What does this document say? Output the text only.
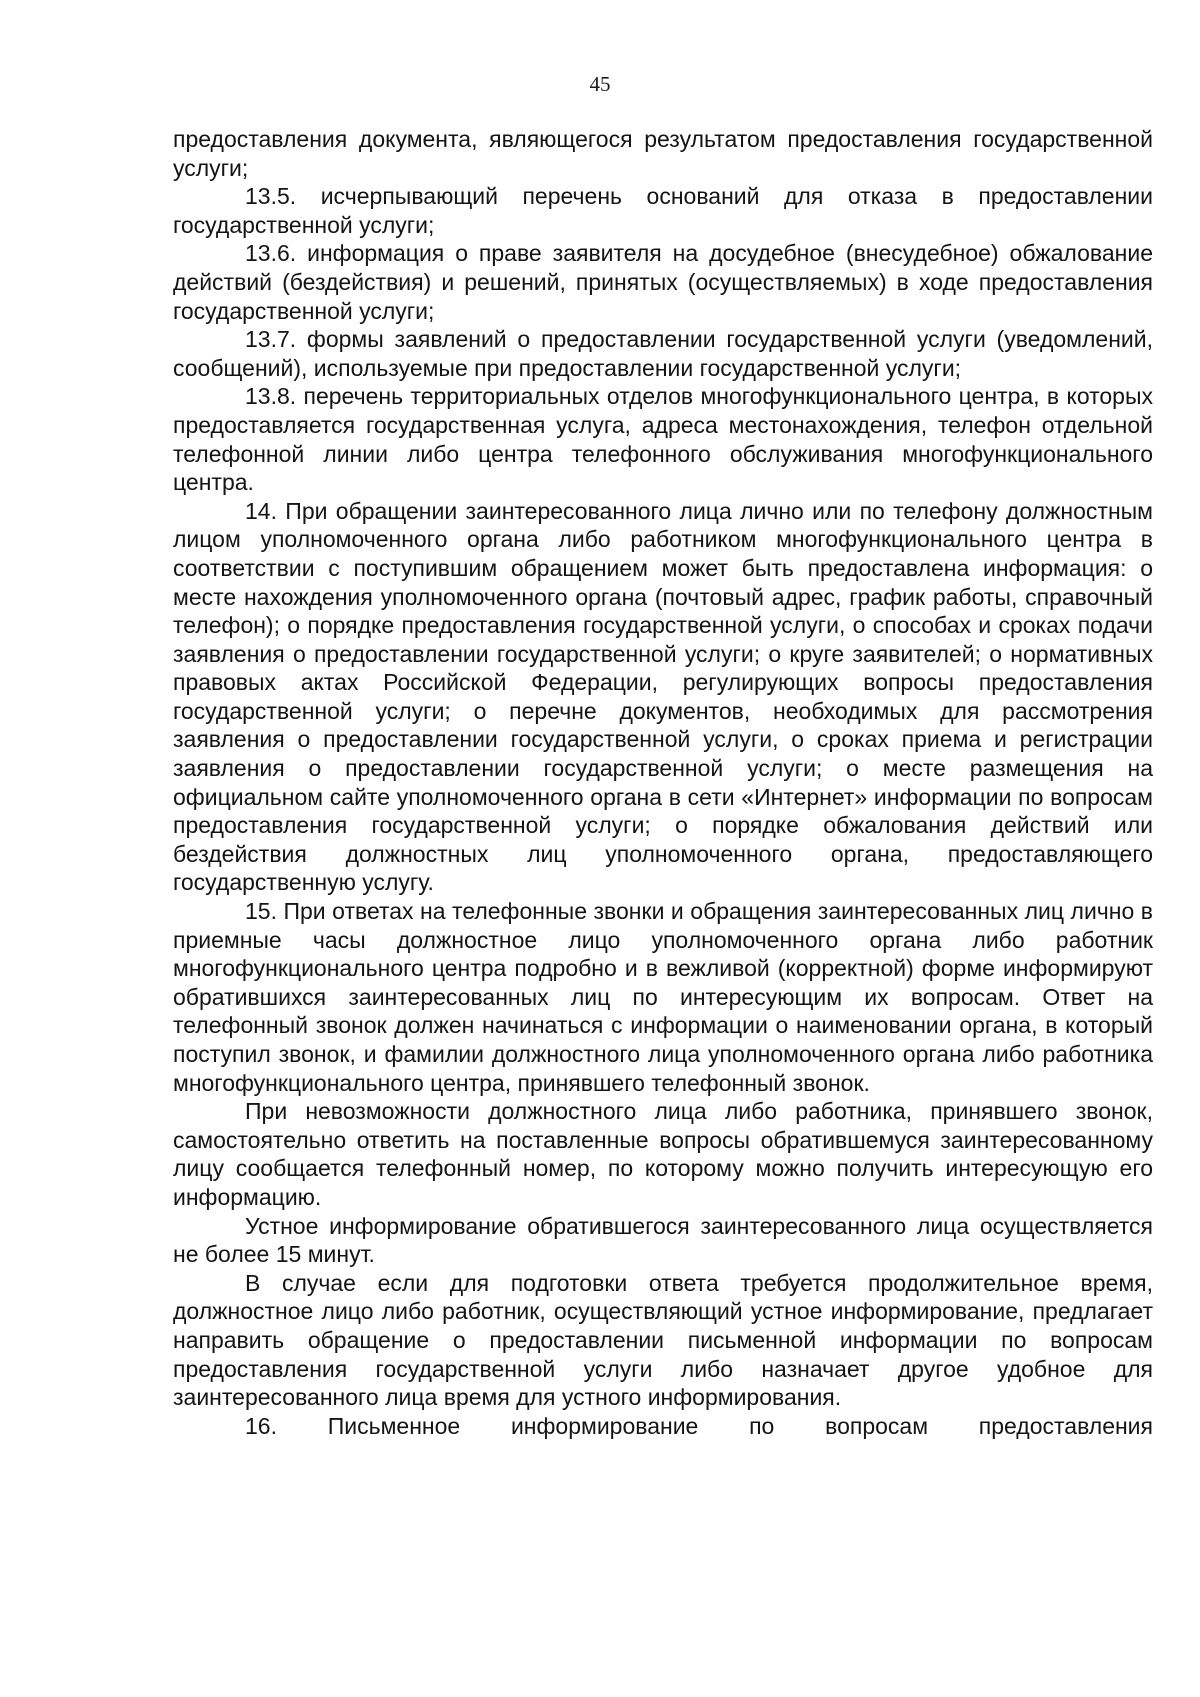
45

предоставления документа, являющегося результатом предоставления государственной услуги;

13.5. исчерпывающий перечень оснований для отказа в предоставлении государственной услуги;

13.6. информация о праве заявителя на досудебное (внесудебное) обжалование действий (бездействия) и решений, принятых (осуществляемых) в ходе предоставления государственной услуги;

13.7. формы заявлений о предоставлении государственной услуги (уведомлений, сообщений), используемые при предоставлении государственной услуги;

13.8. перечень территориальных отделов многофункционального центра, в которых предоставляется государственная услуга, адреса местонахождения, телефон отдельной телефонной линии либо центра телефонного обслуживания многофункционального центра.

14. При обращении заинтересованного лица лично или по телефону должностным лицом уполномоченного органа либо работником многофункционального центра в соответствии с поступившим обращением может быть предоставлена информация: о месте нахождения уполномоченного органа (почтовый адрес, график работы, справочный телефон); о порядке предоставления государственной услуги, о способах и сроках подачи заявления о предоставлении государственной услуги; о круге заявителей; о нормативных правовых актах Российской Федерации, регулирующих вопросы предоставления государственной услуги; о перечне документов, необходимых для рассмотрения заявления о предоставлении государственной услуги, о сроках приема и регистрации заявления о предоставлении государственной услуги; о месте размещения на официальном сайте уполномоченного органа в сети «Интернет» информации по вопросам предоставления государственной услуги; о порядке обжалования действий или бездействия должностных лиц уполномоченного органа, предоставляющего государственную услугу.

15. При ответах на телефонные звонки и обращения заинтересованных лиц лично в приемные часы должностное лицо уполномоченного органа либо работник многофункционального центра подробно и в вежливой (корректной) форме информируют обратившихся заинтересованных лиц по интересующим их вопросам. Ответ на телефонный звонок должен начинаться с информации о наименовании органа, в который поступил звонок, и фамилии должностного лица уполномоченного органа либо работника многофункционального центра, принявшего телефонный звонок.

При невозможности должностного лица либо работника, принявшего звонок, самостоятельно ответить на поставленные вопросы обратившемуся заинтересованному лицу сообщается телефонный номер, по которому можно получить интересующую его информацию.

Устное информирование обратившегося заинтересованного лица осуществляется не более 15 минут.

В случае если для подготовки ответа требуется продолжительное время, должностное лицо либо работник, осуществляющий устное информирование, предлагает направить обращение о предоставлении письменной информации по вопросам предоставления государственной услуги либо назначает другое удобное для заинтересованного лица время для устного информирования.

16. Письменное информирование по вопросам предоставления
